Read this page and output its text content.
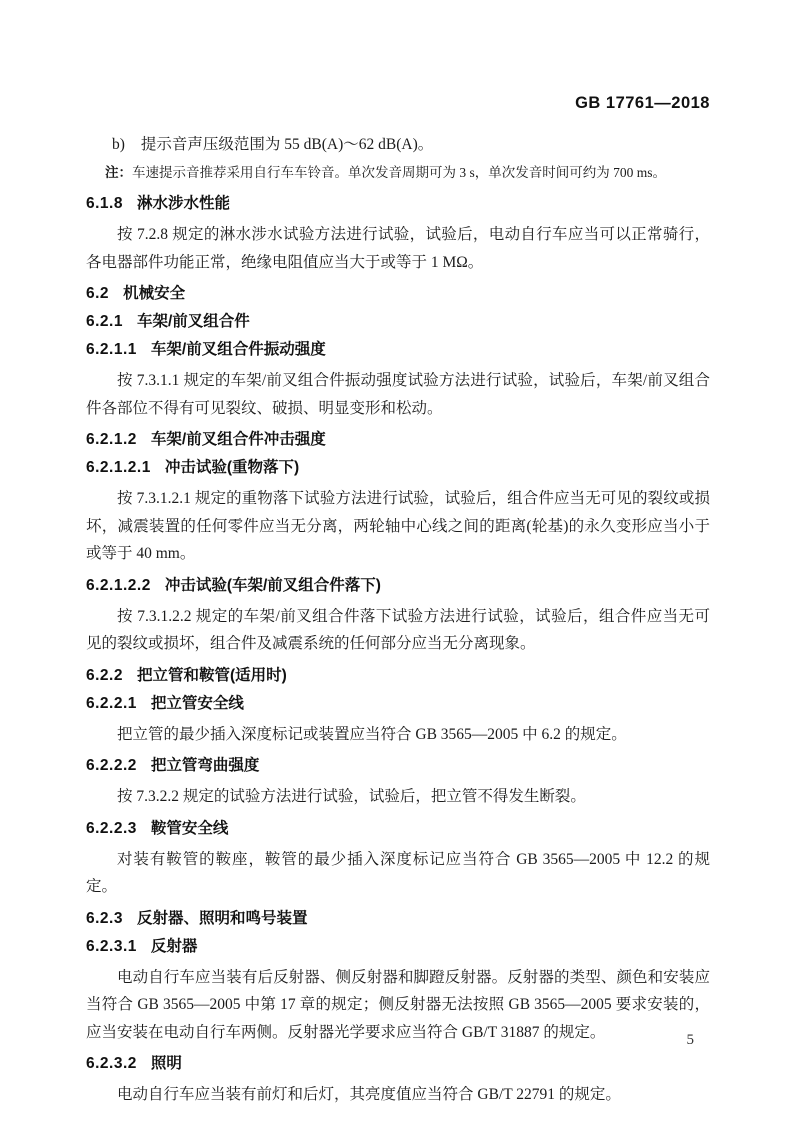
GB 17761—2018
b) 提示音声压级范围为 55 dB(A)～62 dB(A)。
注：车速提示音推荐采用自行车车铃音。单次发音周期可为 3 s，单次发音时间可约为 700 ms。
6.1.8 淋水涉水性能

按 7.2.8 规定的淋水涉水试验方法进行试验，试验后，电动自行车应当可以正常骑行，各电器部件功能正常，绝缘电阻值应当大于或等于 1 MΩ。

6.2 机械安全
6.2.1 车架/前叉组合件
6.2.1.1 车架/前叉组合件振动强度

按 7.3.1.1 规定的车架/前叉组合件振动强度试验方法进行试验，试验后，车架/前叉组合件各部位不得有可见裂纹、破损、明显变形和松动。

6.2.1.2 车架/前叉组合件冲击强度
6.2.1.2.1 冲击试验(重物落下)

按 7.3.1.2.1 规定的重物落下试验方法进行试验，试验后，组合件应当无可见的裂纹或损坏，减震装置的任何零件应当无分离，两轮轴中心线之间的距离(轮基)的永久变形应当小于或等于 40 mm。

6.2.1.2.2 冲击试验(车架/前叉组合件落下)

按 7.3.1.2.2 规定的车架/前叉组合件落下试验方法进行试验，试验后，组合件应当无可见的裂纹或损坏，组合件及减震系统的任何部分应当无分离现象。

6.2.2 把立管和鞍管(适用时)
6.2.2.1 把立管安全线

把立管的最少插入深度标记或装置应当符合 GB 3565—2005 中 6.2 的规定。

6.2.2.2 把立管弯曲强度

按 7.3.2.2 规定的试验方法进行试验，试验后，把立管不得发生断裂。

6.2.2.3 鞍管安全线

对装有鞍管的鞍座，鞍管的最少插入深度标记应当符合 GB 3565—2005 中 12.2 的规定。

6.2.3 反射器、照明和鸣号装置
6.2.3.1 反射器

电动自行车应当装有后反射器、侧反射器和脚蹬反射器。反射器的类型、颜色和安装应当符合 GB 3565—2005 中第 17 章的规定；侧反射器无法按照 GB 3565—2005 要求安装的，应当安装在电动自行车两侧。反射器光学要求应当符合 GB/T 31887 的规定。

6.2.3.2 照明

电动自行车应当装有前灯和后灯，其亮度值应当符合 GB/T 22791 的规定。

5
